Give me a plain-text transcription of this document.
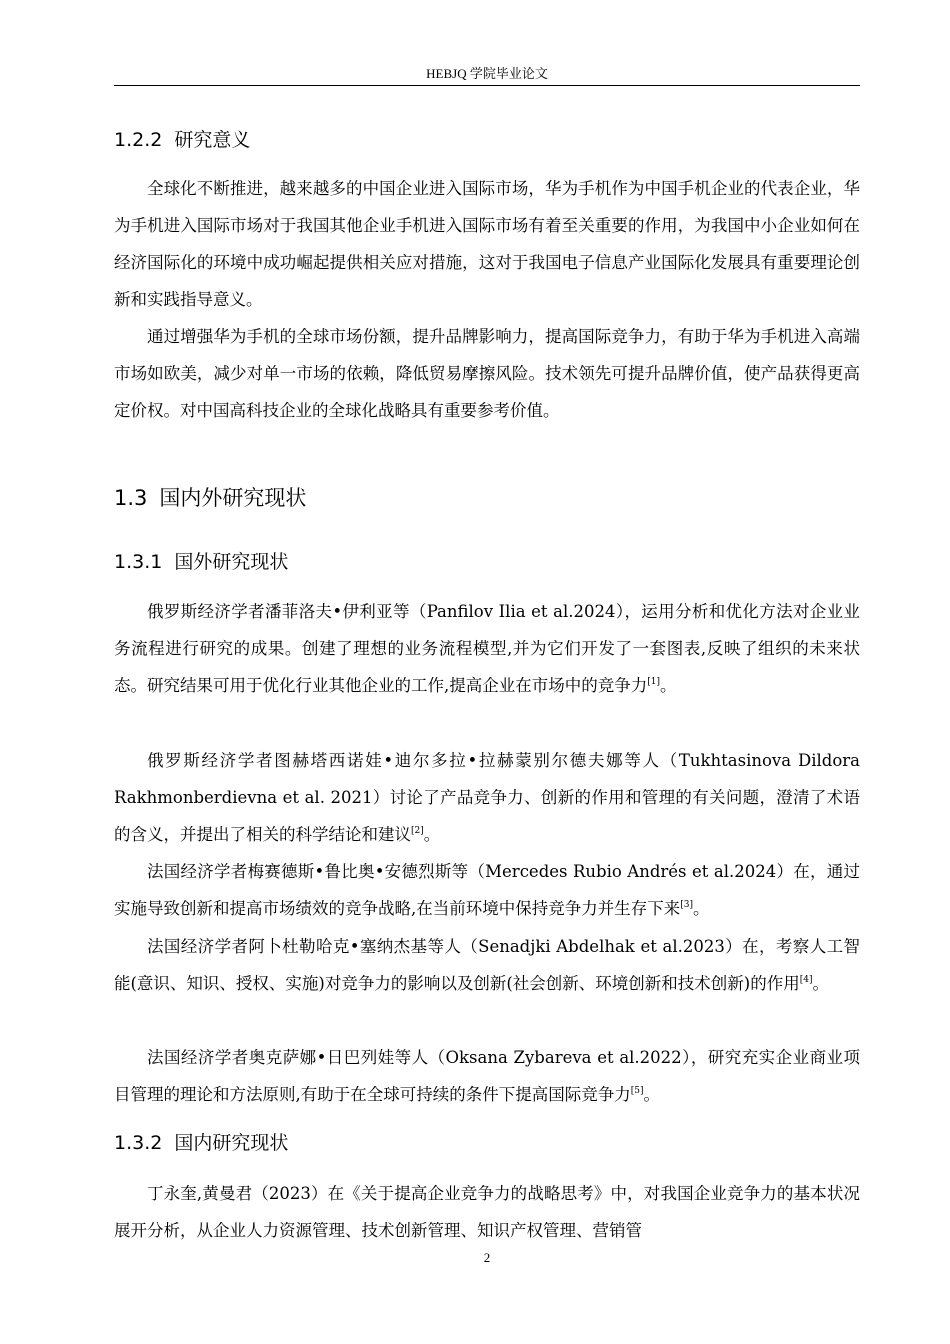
HEBJQ 学院毕业论文
1.2.2 研究意义

全球化不断推进，越来越多的中国企业进入国际市场，华为手机作为中国手机企业的代表企业，华为手机进入国际市场对于我国其他企业手机进入国际市场有着至关重要的作用，为我国中小企业如何在经济国际化的环境中成功崛起提供相关应对措施，这对于我国电子信息产业国际化发展具有重要理论创新和实践指导意义。

通过增强华为手机的全球市场份额，提升品牌影响力，提高国际竞争力，有助于华为手机进入高端市场如欧美，减少对单一市场的依赖，降低贸易摩擦风险。技术领先可提升品牌价值，使产品获得更高定价权。对中国高科技企业的全球化战略具有重要参考价值。

1.3 国内外研究现状
1.3.1 国外研究现状

俄罗斯经济学者潘菲洛夫•伊利亚等（Panfilov Ilia et al.2024），运用分析和优化方法对企业业务流程进行研究的成果。创建了理想的业务流程模型,并为它们开发了一套图表,反映了组织的未来状态。研究结果可用于优化行业其他企业的工作,提高企业在市场中的竞争力[1]。

俄罗斯经济学者图赫塔西诺娃•迪尔多拉•拉赫蒙别尔德夫娜等人（Tukhtasinova Dildora Rakhmonberdievna et al. 2021）讨论了产品竞争力、创新的作用和管理的有关问题，澄清了术语的含义，并提出了相关的科学结论和建议[2]。

法国经济学者梅赛德斯•鲁比奥•安德烈斯等（Mercedes Rubio Andrés et al.2024）在，通过实施导致创新和提高市场绩效的竞争战略,在当前环境中保持竞争力并生存下来[3]。

法国经济学者阿卜杜勒哈克•塞纳杰基等人（Senadjki Abdelhak et al.2023）在，考察人工智能(意识、知识、授权、实施)对竞争力的影响以及创新(社会创新、环境创新和技术创新)的作用[4]。

法国经济学者奥克萨娜•日巴列娃等人（Oksana Zybareva et al.2022），研究充实企业商业项目管理的理论和方法原则,有助于在全球可持续的条件下提高国际竞争力[5]。

1.3.2 国内研究现状

丁永奎,黄曼君（2023）在《关于提高企业竞争力的战略思考》中，对我国企业竞争力的基本状况展开分析，从企业人力资源管理、技术创新管理、知识产权管理、营销管

2
